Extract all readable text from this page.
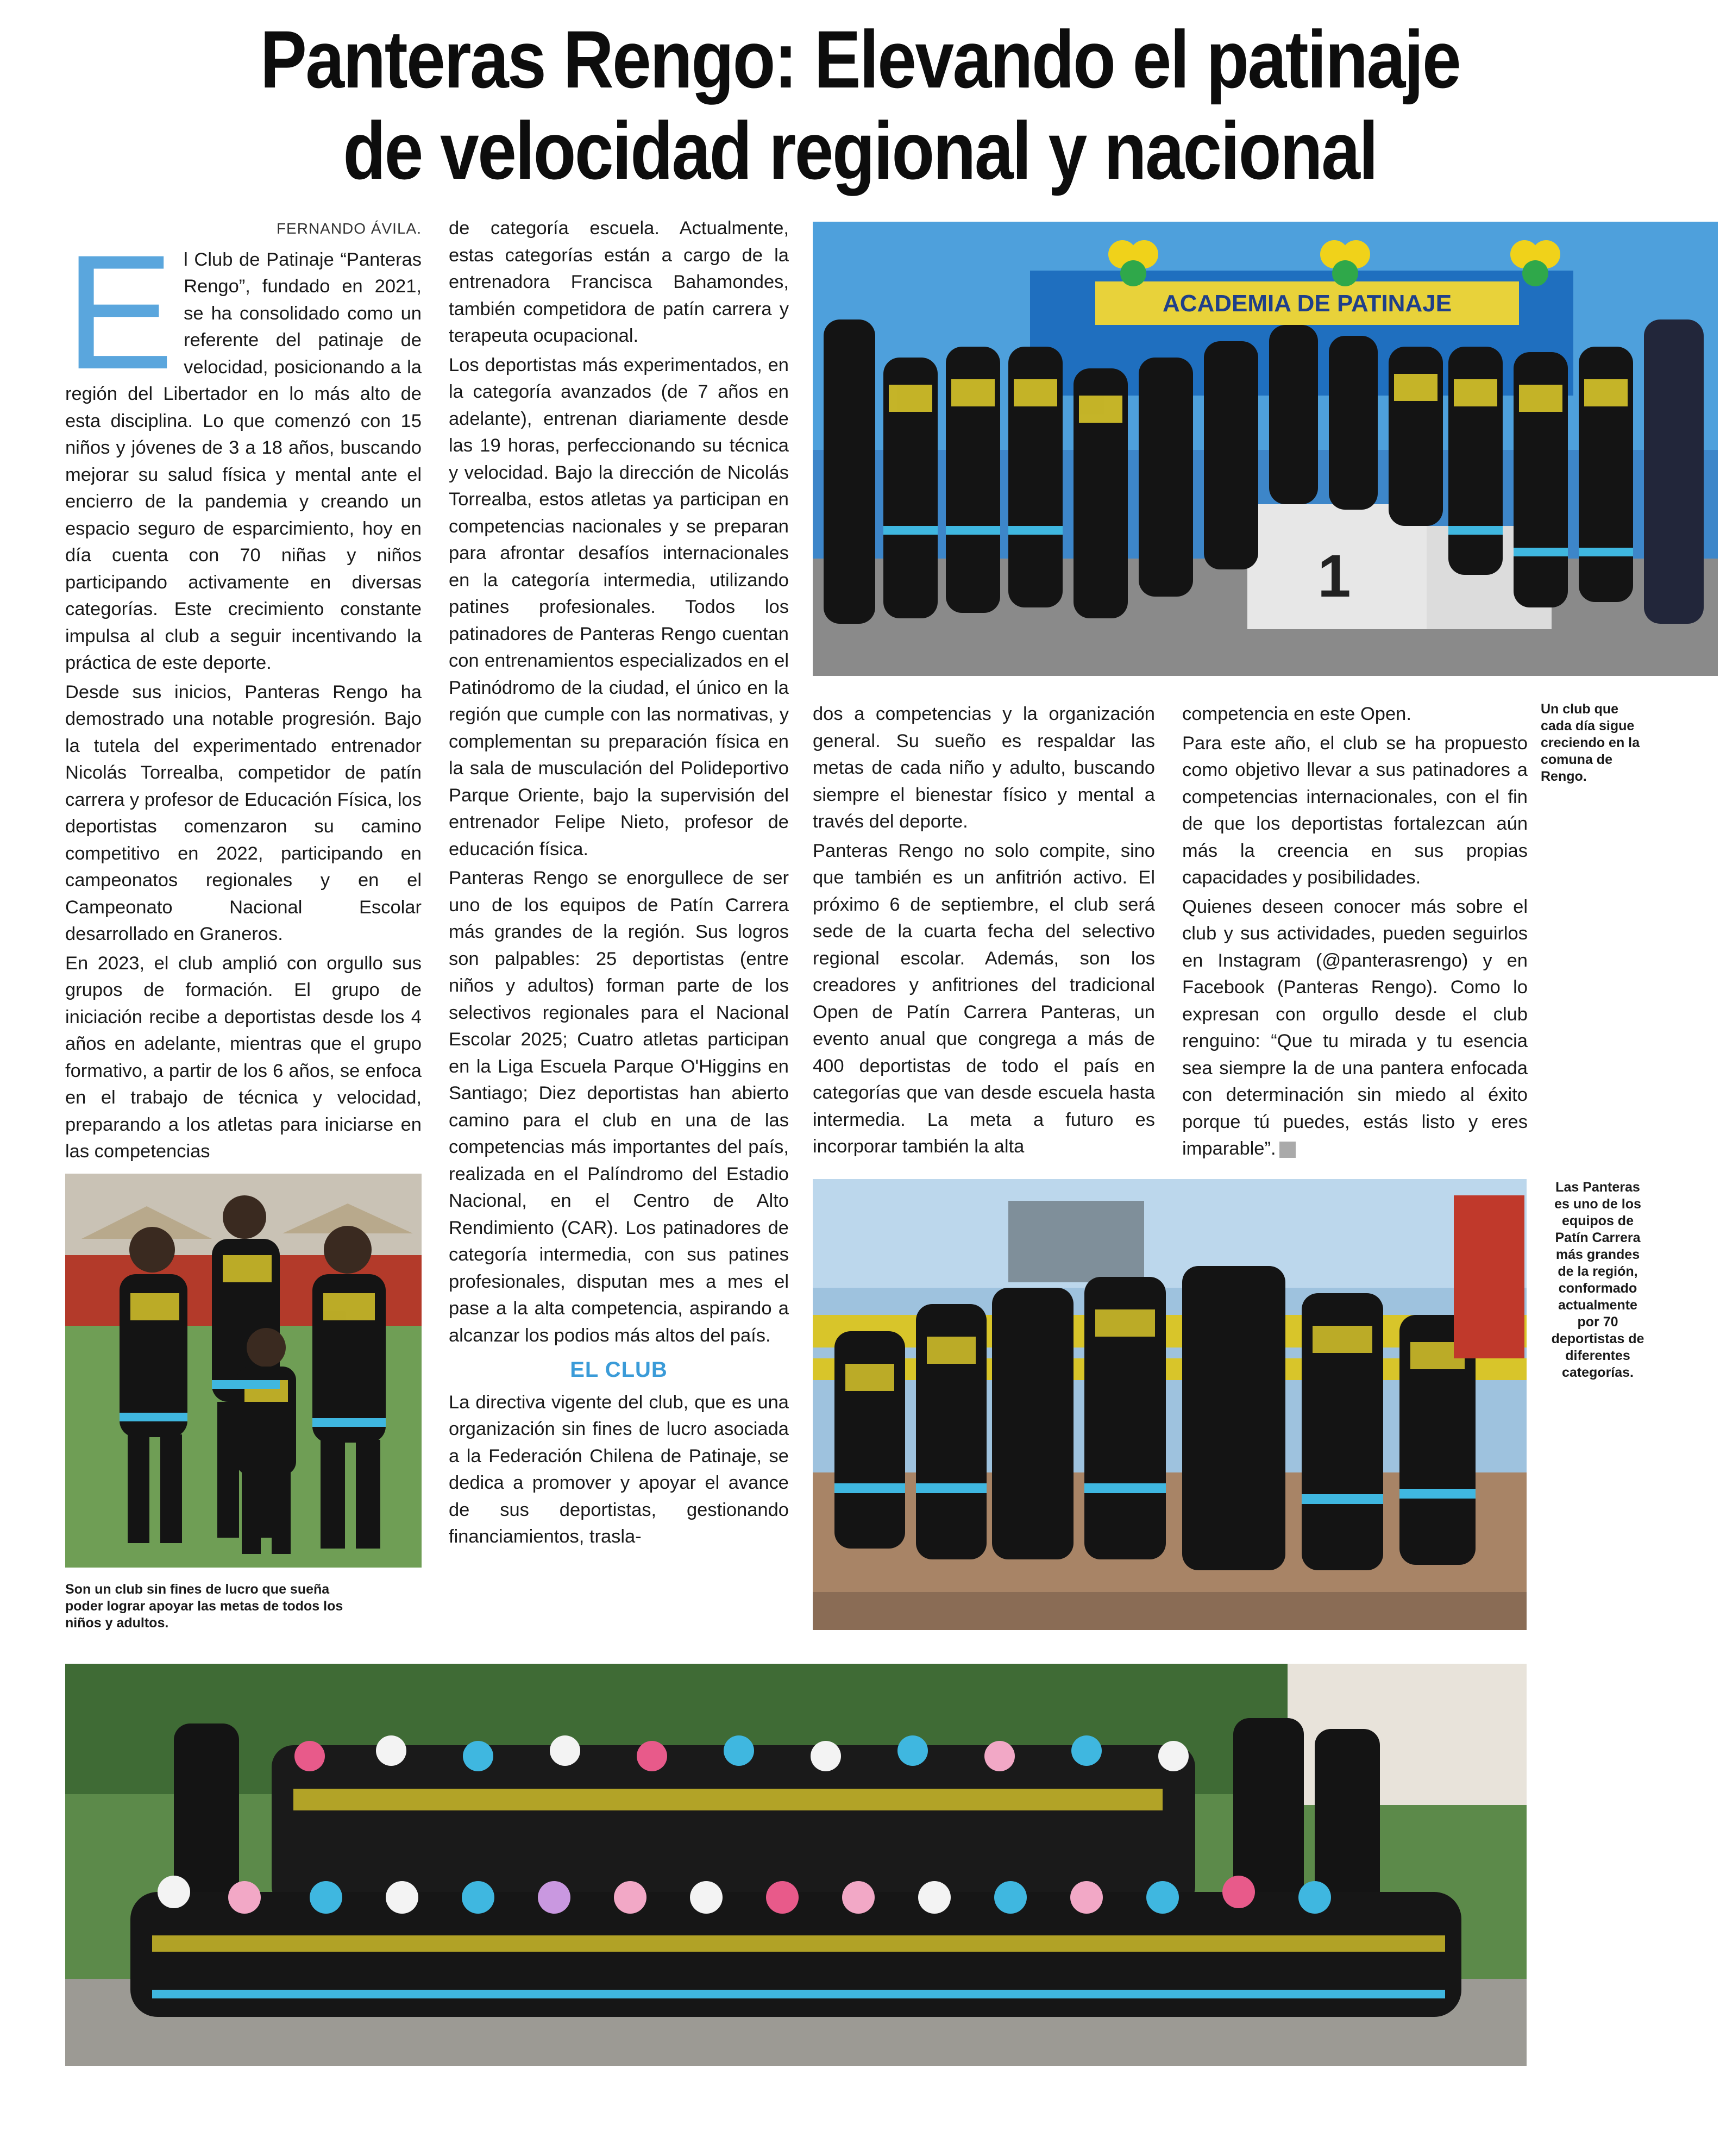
Panteras Rengo: Elevando el patinaje
de velocidad regional y nacional
FERNANDO ÁVILA.
E l Club de Patinaje “Panteras Rengo”, fundado en 2021, se ha consolidado como un referente del patinaje de velocidad, posicionando a la región del Libertador en lo más alto de esta disciplina. Lo que comenzó con 15 niños y jóvenes de 3 a 18 años, buscando mejorar su salud física y mental ante el encierro de la pandemia y creando un espacio seguro de esparcimiento, hoy en día cuenta con 70 niñas y niños participando activamente en diversas categorías. Este crecimiento constante impulsa al club a seguir incentivando la práctica de este deporte.

Desde sus inicios, Panteras Rengo ha demostrado una notable progresión. Bajo la tutela del experimentado entrenador Nicolás Torrealba, competidor de patín carrera y profesor de Educación Física, los deportistas comenzaron su camino competitivo en 2022, participando en campeonatos regionales y en el Campeonato Nacional Escolar desarrollado en Graneros.

En 2023, el club amplió con orgullo sus grupos de formación. El grupo de iniciación recibe a deportistas desde los 4 años en adelante, mientras que el grupo formativo, a partir de los 6 años, se enfoca en el trabajo de técnica y velocidad, preparando a los atletas para iniciarse en las competencias

Son un club sin fines de lucro que sueña poder lograr apoyar las metas de todos los niños y adultos.

de categoría escuela. Actualmente, estas categorías están a cargo de la entrenadora Francisca Bahamondes, también competidora de patín carrera y terapeuta ocupacional.

Los deportistas más experimentados, en la categoría avanzados (de 7 años en adelante), entrenan diariamente desde las 19 horas, perfeccionando su técnica y velocidad. Bajo la dirección de Nicolás Torrealba, estos atletas ya participan en competencias nacionales y se preparan para afrontar desafíos internacionales en la categoría intermedia, utilizando patines profesionales. Todos los patinadores de Panteras Rengo cuentan con entrenamientos especializados en el Patinódromo de la ciudad, el único en la región que cumple con las normativas, y complementan su preparación física en la sala de musculación del Polideportivo Parque Oriente, bajo la supervisión del entrenador Felipe Nieto, profesor de educación física.

Panteras Rengo se enorgullece de ser uno de los equipos de Patín Carrera más grandes de la región. Sus logros son palpables: 25 deportistas (entre niños y adultos) forman parte de los selectivos regionales para el Nacional Escolar 2025; Cuatro atletas participan en la Liga Escuela Parque O'Higgins en Santiago; Diez deportistas han abierto camino para el club en una de las competencias más importantes del país, realizada en el Palíndromo del Estadio Nacional, en el Centro de Alto Rendimiento (CAR). Los patinadores de categoría intermedia, con sus patines profesionales, disputan mes a mes el pase a la alta competencia, aspirando a alcanzar los podios más altos del país.

EL CLUB

La directiva vigente del club, que es una organización sin fines de lucro asociada a la Federación Chilena de Patinaje, se dedica a promover y apoyar el avance de sus deportistas, gestionando financiamientos, trasla-

ACADEMIA DE PATINAJE
1
Un club que cada día sigue creciendo en la comuna de Rengo.

dos a competencias y la organización general. Su sueño es respaldar las metas de cada niño y adulto, buscando siempre el bienestar físico y mental a través del deporte.

Panteras Rengo no solo compite, sino que también es un anfitrión activo. El próximo 6 de septiembre, el club será sede de la cuarta fecha del selectivo regional escolar. Además, son los creadores y anfitriones del tradicional Open de Patín Carrera Panteras, un evento anual que congrega a más de 400 deportistas de todo el país en categorías que van desde escuela hasta intermedia. La meta a futuro es incorporar también la alta

competencia en este Open.

Para este año, el club se ha propuesto como objetivo llevar a sus patinadores a competencias internacionales, con el fin de que los deportistas fortalezcan aún más la creencia en sus propias capacidades y posibilidades.

Quienes deseen conocer más sobre el club y sus actividades, pueden seguirlos en Instagram (@panterasrengo) y en Facebook (Panteras Rengo). Como lo expresan con orgullo desde el club renguino: “Que tu mirada y tu esencia sea siempre la de una pantera enfocada con determinación sin miedo al éxito porque tú puedes, estás listo y eres imparable”.

Las Panteras es uno de los equipos de Patín Carrera más grandes de la región, conformado actualmente por 70 deportistas de diferentes categorías.
